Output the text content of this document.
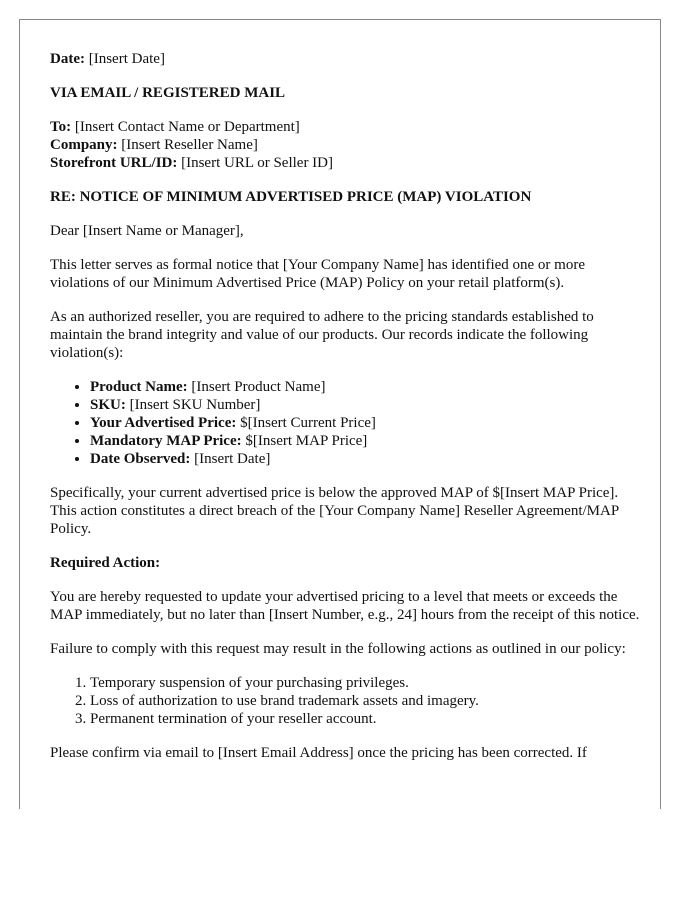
Date: [Insert Date]

VIA EMAIL / REGISTERED MAIL

To: [Insert Contact Name or Department]
Company: [Insert Reseller Name]
Storefront URL/ID: [Insert URL or Seller ID]

RE: NOTICE OF MINIMUM ADVERTISED PRICE (MAP) VIOLATION

Dear [Insert Name or Manager],

This letter serves as formal notice that [Your Company Name] has identified one or more violations of our Minimum Advertised Price (MAP) Policy on your retail platform(s).

As an authorized reseller, you are required to adhere to the pricing standards established to maintain the brand integrity and value of our products. Our records indicate the following violation(s):

• Product Name: [Insert Product Name]
• SKU: [Insert SKU Number]
• Your Advertised Price: $[Insert Current Price]
• Mandatory MAP Price: $[Insert MAP Price]
• Date Observed: [Insert Date]

Specifically, your current advertised price is below the approved MAP of $[Insert MAP Price]. This action constitutes a direct breach of the [Your Company Name] Reseller Agreement/MAP Policy.

Required Action:

You are hereby requested to update your advertised pricing to a level that meets or exceeds the MAP immediately, but no later than [Insert Number, e.g., 24] hours from the receipt of this notice.

Failure to comply with this request may result in the following actions as outlined in our policy:

1. Temporary suspension of your purchasing privileges.
2. Loss of authorization to use brand trademark assets and imagery.
3. Permanent termination of your reseller account.

Please confirm via email to [Insert Email Address] once the pricing has been corrected. If
